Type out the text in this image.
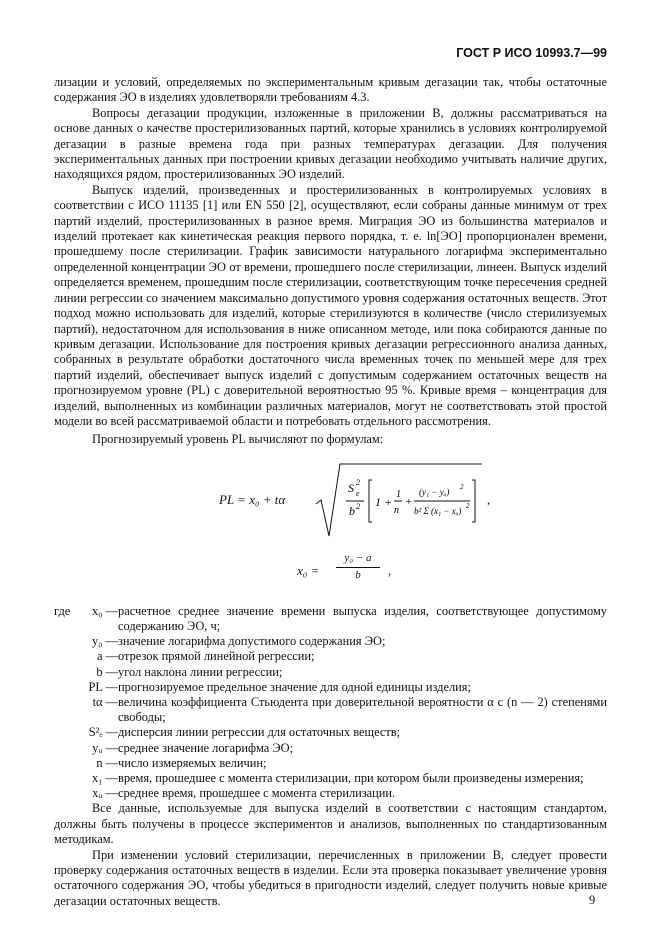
ГОСТ Р ИСО 10993.7—99

лизации и условий, определяемых по экспериментальным кривым дегазации так, чтобы остаточные содержания ЭО в изделиях удовлетворяли требованиям 4.3.

Вопросы дегазации продукции, изложенные в приложении В, должны рассматриваться на основе данных о качестве простерилизованных партий, которые хранились в условиях контролируемой дегазации в разные времена года при разных температурах дегазации. Для получения экспериментальных данных при построении кривых дегазации необходимо учитывать наличие других, находящихся рядом, простерилизованных ЭО изделий.

Выпуск изделий, произведенных и простерилизованных в контролируемых условиях в соответствии с ИСО 11135 [1] или EN 550 [2], осуществляют, если собраны данные минимум от трех партий изделий, простерилизованных в разное время. Миграция ЭО из большинства материалов и изделий протекает как кинетическая реакция первого порядка, т. е. ln[ЭО] пропорционален времени, прошедшему после стерилизации. График зависимости натурального логарифма экспериментально определенной концентрации ЭО от времени, прошедшего после стерилизации, линеен. Выпуск изделий определяется временем, прошедшим после стерилизации, соответствующим точке пересечения средней линии регрессии со значением максимально допустимого уровня содержания остаточных веществ. Этот подход можно использовать для изделий, которые стерилизуются в количестве (число стерилизуемых партий), недостаточном для использования в ниже описанном методе, или пока собираются данные по кривым дегазации. Использование для построения кривых дегазации регрессионного анализа данных, собранных в результате обработки достаточного числа временных точек по меньшей мере для трех партий изделий, обеспечивает выпуск изделий с допустимым содержанием остаточных веществ на прогнозируемом уровне (PL) с доверительной вероятностью 95 %. Кривые время – концентрация для изделий, выполненных из комбинации различных материалов, могут не соответствовать этой простой модели во всей рассматриваемой области и потребовать отдельного рассмотрения.

Прогнозируемый уровень PL вычисляют по формулам:

PL = x₀ + tα
S 2
e
b 2 1 +
1
n
+
(y₁ − yᵤ) 2
b² Σ (x₁ − xᵤ) 2 ,
$x_0 = \frac{\text{y₀ − a}}{b}$ ,
где	x₀ —	расчетное среднее значение времени выпуска изделия, соответствующее допустимому содержанию ЭО, ч;
	y₀ —	значение логарифма допустимого содержания ЭО;
	a —	отрезок прямой линейной регрессии;
	b —	угол наклона линии регрессии;
	PL —	прогнозируемое предельное значение для одной единицы изделия;
	tα —	величина коэффициента Стьюдента при доверительной вероятности α с (n — 2) степенями свободы;
	S²ₑ —	дисперсия линии регрессии для остаточных веществ;
	yᵤ —	среднее значение логарифма ЭО;
	n —	число измеряемых величин;
	x₁ —	время, прошедшее с момента стерилизации, при котором были произведены измерения;
	xᵤ —	среднее время, прошедшее с момента стерилизации.

Все данные, используемые для выпуска изделий в соответствии с настоящим стандартом, должны быть получены в процессе экспериментов и анализов, выполненных по стандартизованным методикам.

При изменении условий стерилизации, перечисленных в приложении В, следует провести проверку содержания остаточных веществ в изделии. Если эта проверка показывает увеличение уровня остаточного содержания ЭО, чтобы убедиться в пригодности изделий, следует получить новые кривые дегазации остаточных веществ.	9
